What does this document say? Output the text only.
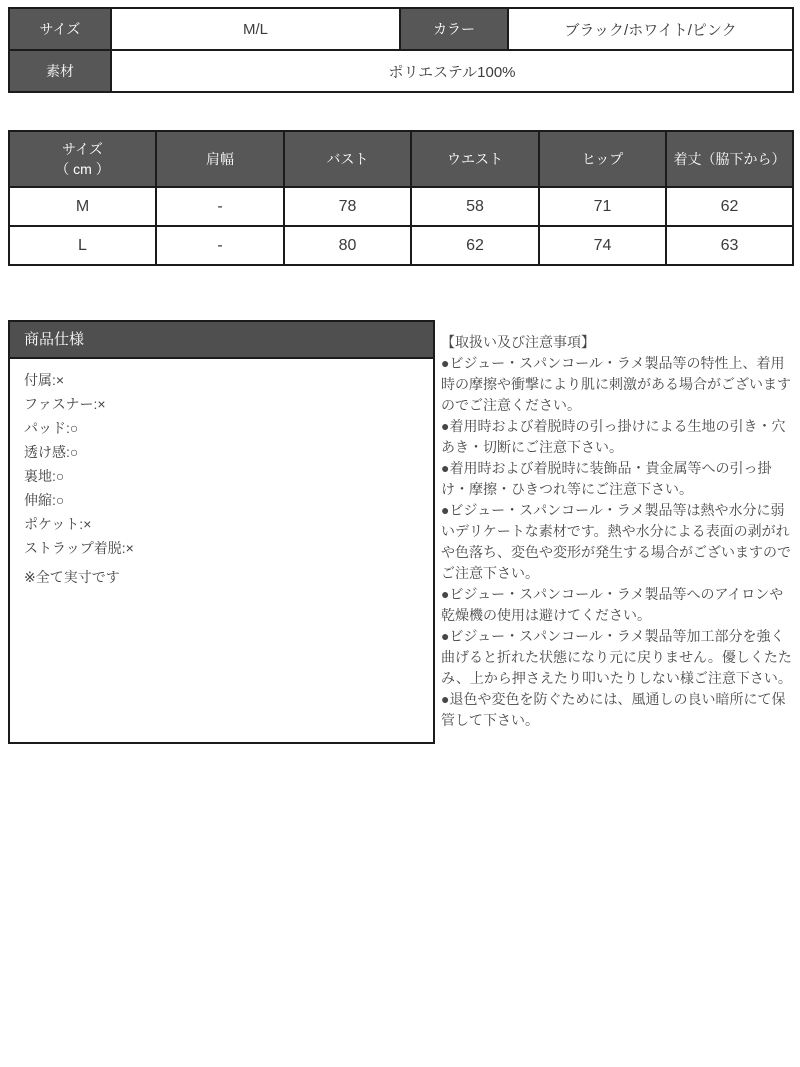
サイズ	M/L	カラー	ブラック/ホワイト/ピンク
素材	ポリエステル100%		
サイズ
（ cm ）	肩幅	バスト	ウエスト	ヒップ	着丈（脇下から）
M	-	78	58	71	62
L	-	80	62	74	63
商品仕様
付属:×
ファスナー:×
パッド:○
透け感:○
裏地:○
伸縮:○
ポケット:×
ストラップ着脱:×
※全て実寸です
【取扱い及び注意事項】

●ビジュー・スパンコール・ラメ製品等の特性上、着用時の摩擦や衝撃により肌に刺激がある場合がございますのでご注意ください。

●着用時および着脱時の引っ掛けによる生地の引き・穴あき・切断にご注意下さい。

●着用時および着脱時に装飾品・貴金属等への引っ掛け・摩擦・ひきつれ等にご注意下さい。

●ビジュー・スパンコール・ラメ製品等は熱や水分に弱いデリケートな素材です。熱や水分による表面の剥がれや色落ち、変色や変形が発生する場合がございますのでご注意下さい。

●ビジュー・スパンコール・ラメ製品等へのアイロンや乾燥機の使用は避けてください。

●ビジュー・スパンコール・ラメ製品等加工部分を強く曲げると折れた状態になり元に戻りません。優しくたたみ、上から押さえたり叩いたりしない様ご注意下さい。

●退色や変色を防ぐためには、風通しの良い暗所にて保管して下さい。
